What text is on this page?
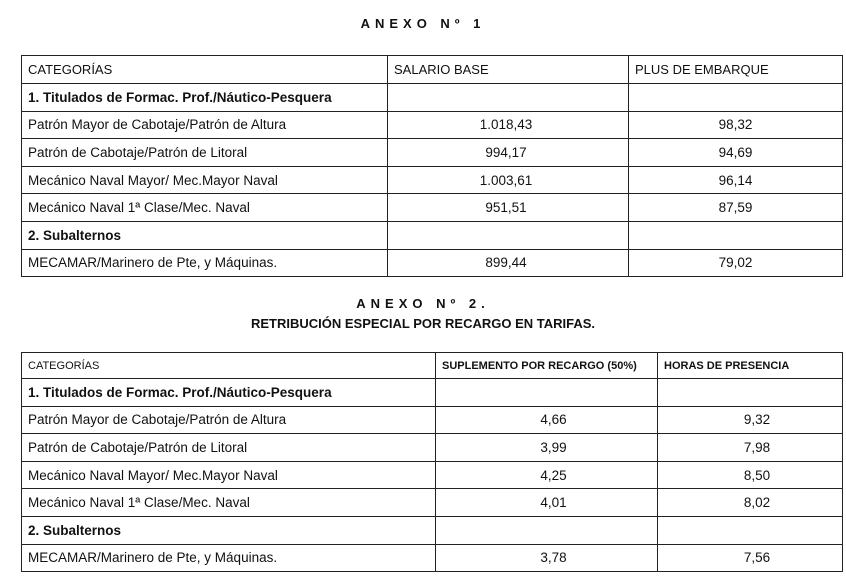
ANEXO Nº 1
CATEGORÍAS	SALARIO BASE	PLUS DE EMBARQUE
1. Titulados de Formac. Prof./Náutico-Pesquera		
Patrón Mayor de Cabotaje/Patrón de Altura	1.018,43	98,32
Patrón de Cabotaje/Patrón de Litoral	994,17	94,69
Mecánico Naval Mayor/ Mec.Mayor Naval	1.003,61	96,14
Mecánico Naval 1ª Clase/Mec. Naval	951,51	87,59
2. Subalternos		
MECAMAR/Marinero de Pte, y Máquinas.	899,44	79,02
ANEXO Nº 2.
RETRIBUCIÓN ESPECIAL POR RECARGO EN TARIFAS.
CATEGORÍAS	SUPLEMENTO POR RECARGO (50%)	HORAS DE PRESENCIA
1. Titulados de Formac. Prof./Náutico-Pesquera		
Patrón Mayor de Cabotaje/Patrón de Altura	4,66	9,32
Patrón de Cabotaje/Patrón de Litoral	3,99	7,98
Mecánico Naval Mayor/ Mec.Mayor Naval	4,25	8,50
Mecánico Naval 1ª Clase/Mec. Naval	4,01	8,02
2. Subalternos		
MECAMAR/Marinero de Pte, y Máquinas.	3,78	7,56
